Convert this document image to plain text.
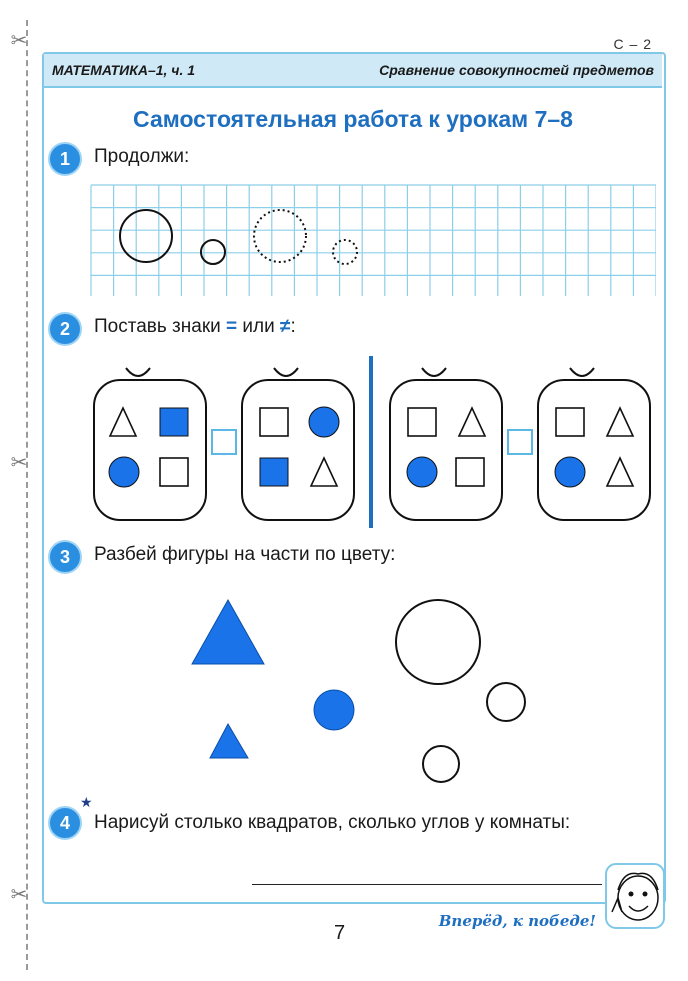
✂
✂
✂
С – 2
МАТЕМАТИКА–1, ч. 1	Сравнение совокупностей предметов
Самостоятельная работа к урокам 7–8
1	Продолжи:
2	Поставь знаки = или ≠:
3	Разбей фигуры на части по цвету:
★
4	Нарисуй столько квадратов, сколько углов у комнаты:
Вперёд, к победе!
7
